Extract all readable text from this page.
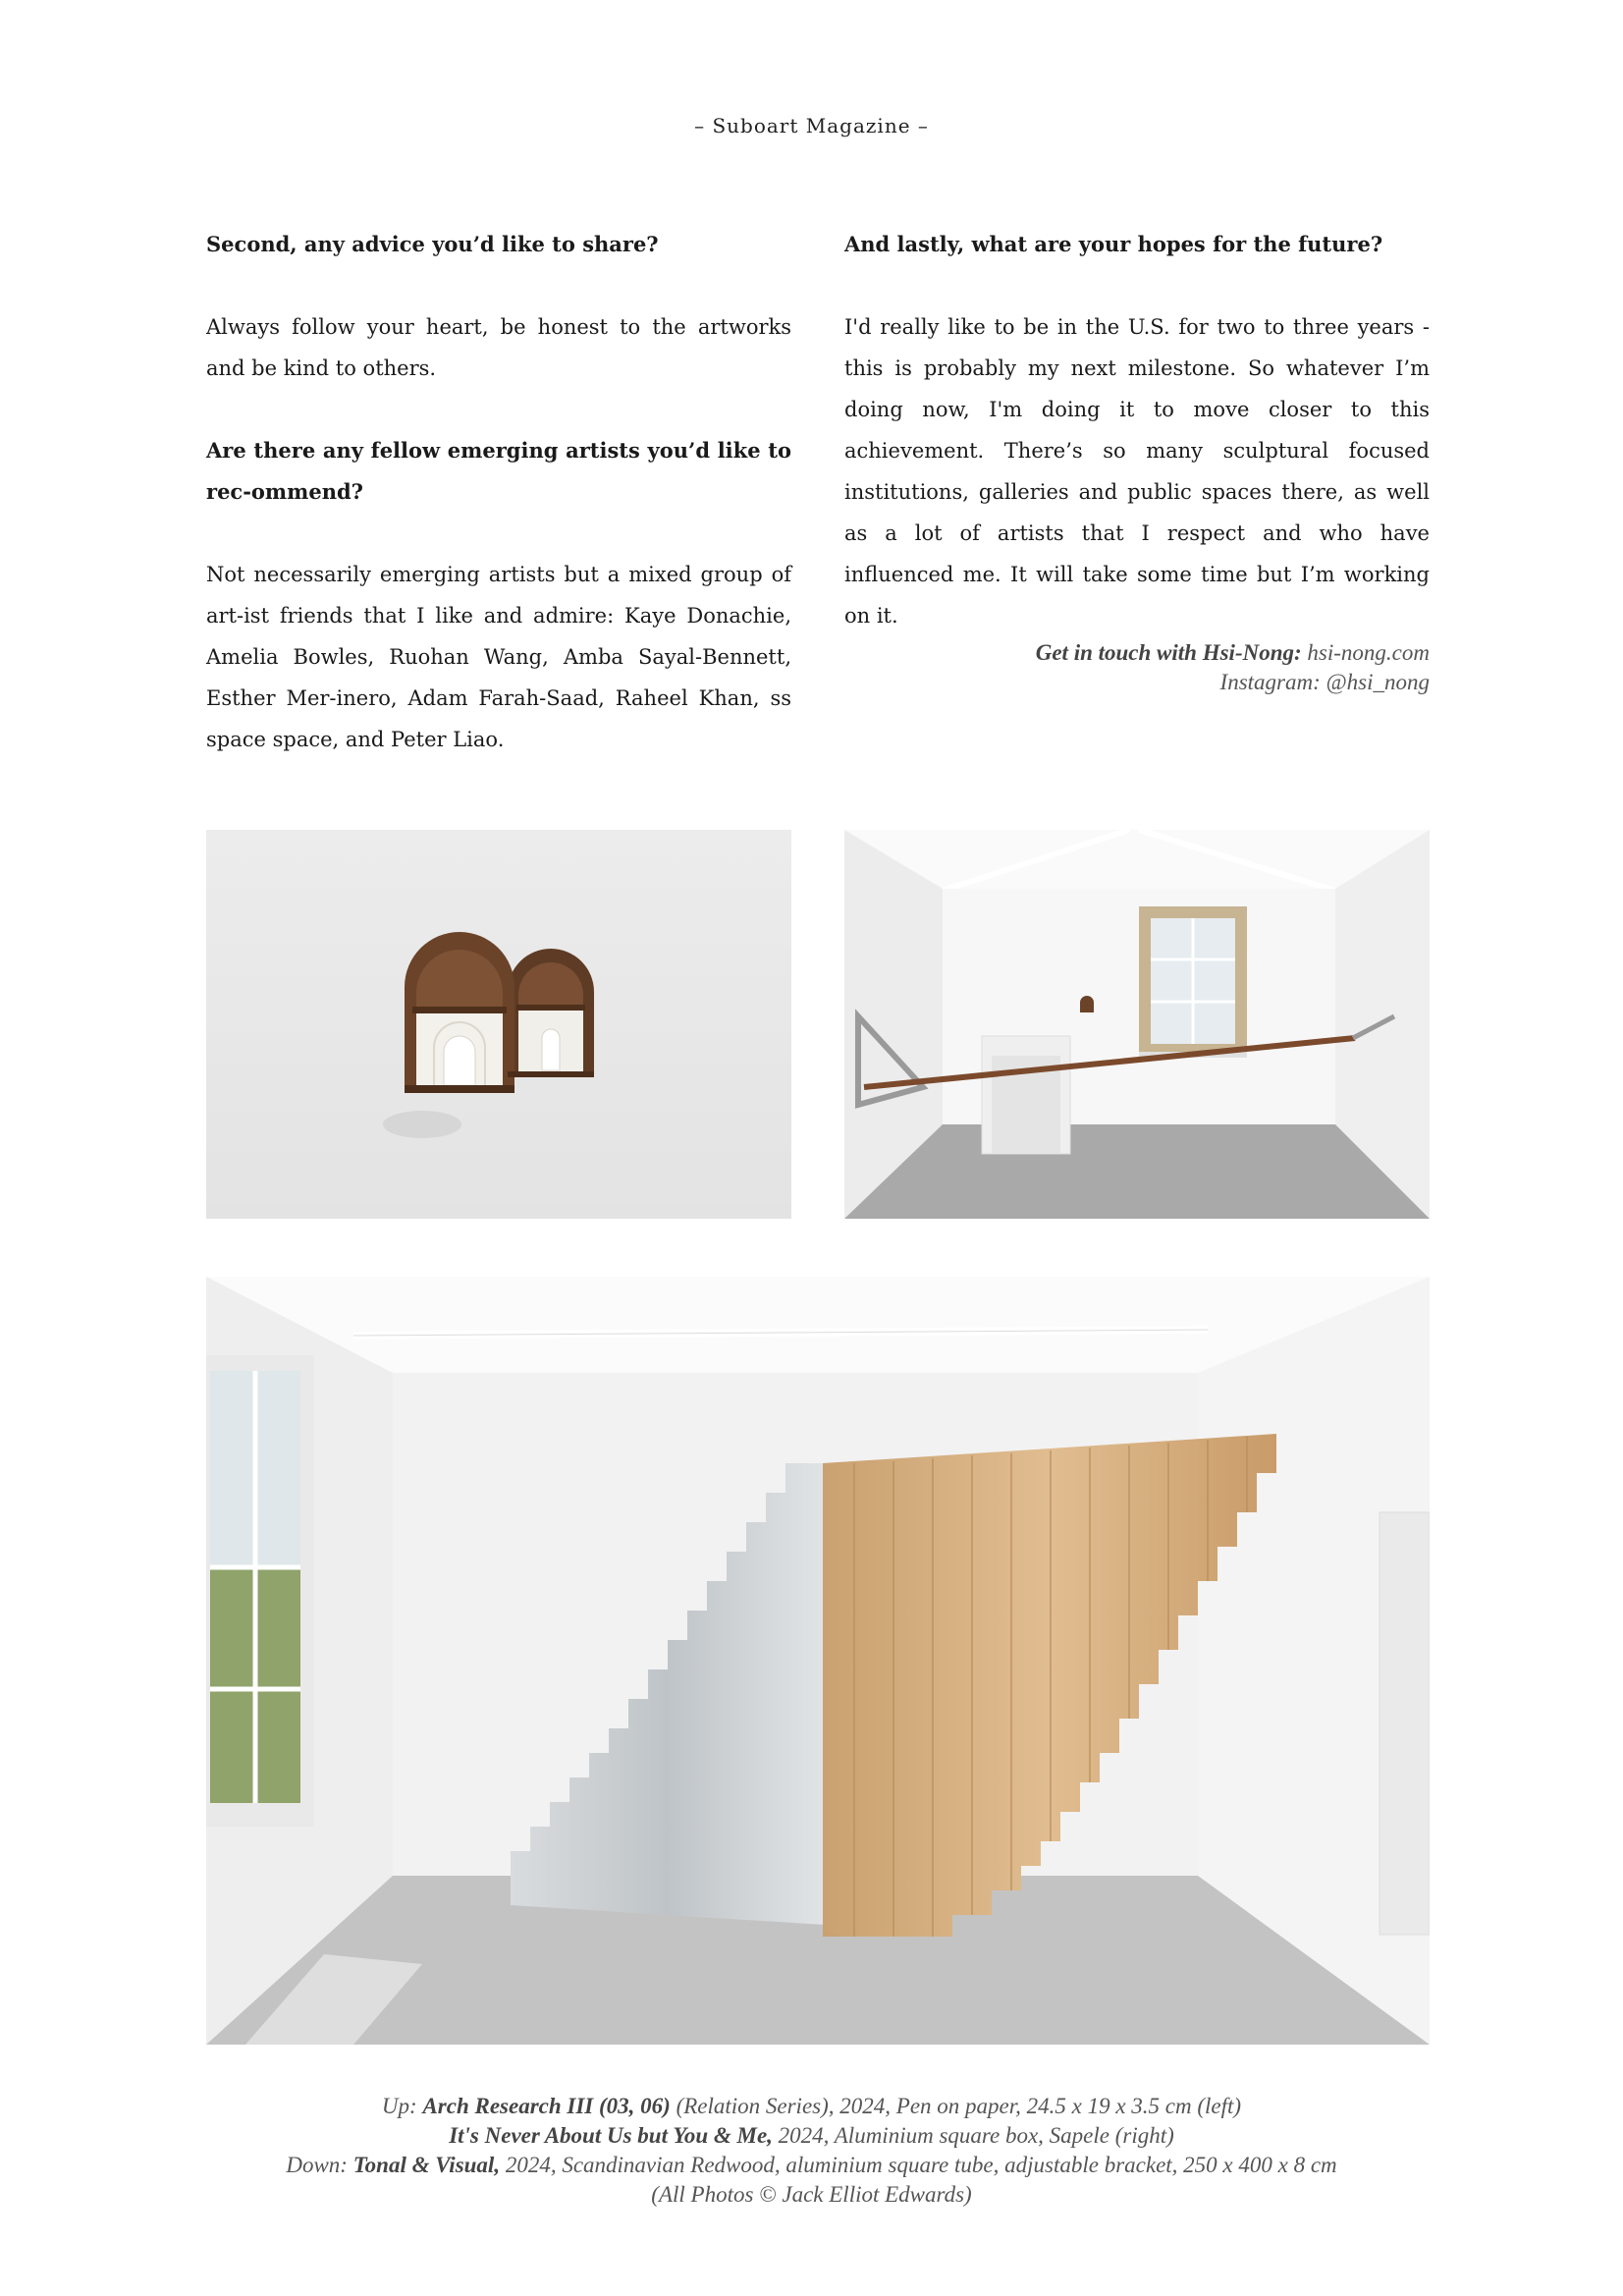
– Suboart Magazine –

Second, any advice you’d like to share?

Always follow your heart, be honest to the artworks and be kind to others.

Are there any fellow emerging artists you’d like to rec-ommend?

Not necessarily emerging artists but a mixed group of art-ist friends that I like and admire: Kaye Donachie, Amelia Bowles, Ruohan Wang, Amba Sayal-Bennett, Esther Mer-inero, Adam Farah-Saad, Raheel Khan, ss space space, and Peter Liao.

And lastly, what are your hopes for the future?

I'd really like to be in the U.S. for two to three years - this is probably my next milestone. So whatever I’m doing now, I'm doing it to move closer to this achievement. There’s so many sculptural focused institutions, galleries and public spaces there, as well as a lot of artists that I respect and who have influenced me. It will take some time but I’m working on it.

Get in touch with Hsi-Nong: hsi-nong.com
Instagram: @hsi_nong
Up: Arch Research III (03, 06) (Relation Series), 2024, Pen on paper, 24.5 x 19 x 3.5 cm (left)
It's Never About Us but You & Me, 2024, Aluminium square box, Sapele (right)
Down: Tonal & Visual, 2024, Scandinavian Redwood, aluminium square tube, adjustable bracket, 250 x 400 x 8 cm
(All Photos © Jack Elliot Edwards)
